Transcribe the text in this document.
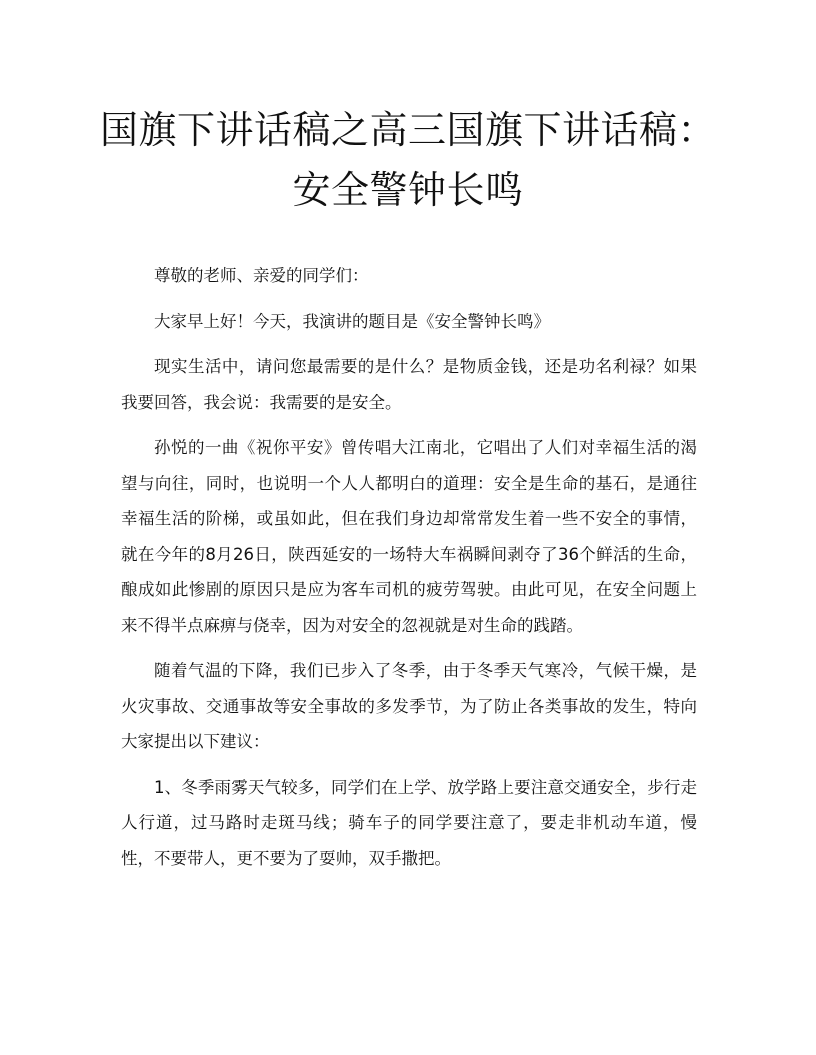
国旗下讲话稿之高三国旗下讲话稿：安全警钟长鸣

尊敬的老师、亲爱的同学们：

大家早上好！今天，我演讲的题目是《安全警钟长鸣》

现实生活中，请问您最需要的是什么？是物质金钱，还是功名利禄？如果我要回答，我会说：我需要的是安全。

孙悦的一曲《祝你平安》曾传唱大江南北，它唱出了人们对幸福生活的渴望与向往，同时，也说明一个人人都明白的道理：安全是生命的基石，是通往幸福生活的阶梯，或虽如此，但在我们身边却常常发生着一些不安全的事情，就在今年的8月26日，陕西延安的一场特大车祸瞬间剥夺了36个鲜活的生命，酿成如此惨剧的原因只是应为客车司机的疲劳驾驶。由此可见，在安全问题上来不得半点麻痹与侥幸，因为对安全的忽视就是对生命的践踏。

随着气温的下降，我们已步入了冬季，由于冬季天气寒冷，气候干燥，是火灾事故、交通事故等安全事故的多发季节，为了防止各类事故的发生，特向大家提出以下建议：

1、冬季雨雾天气较多，同学们在上学、放学路上要注意交通安全，步行走人行道，过马路时走斑马线；骑车子的同学要注意了，要走非机动车道，慢性，不要带人，更不要为了耍帅，双手撒把。
